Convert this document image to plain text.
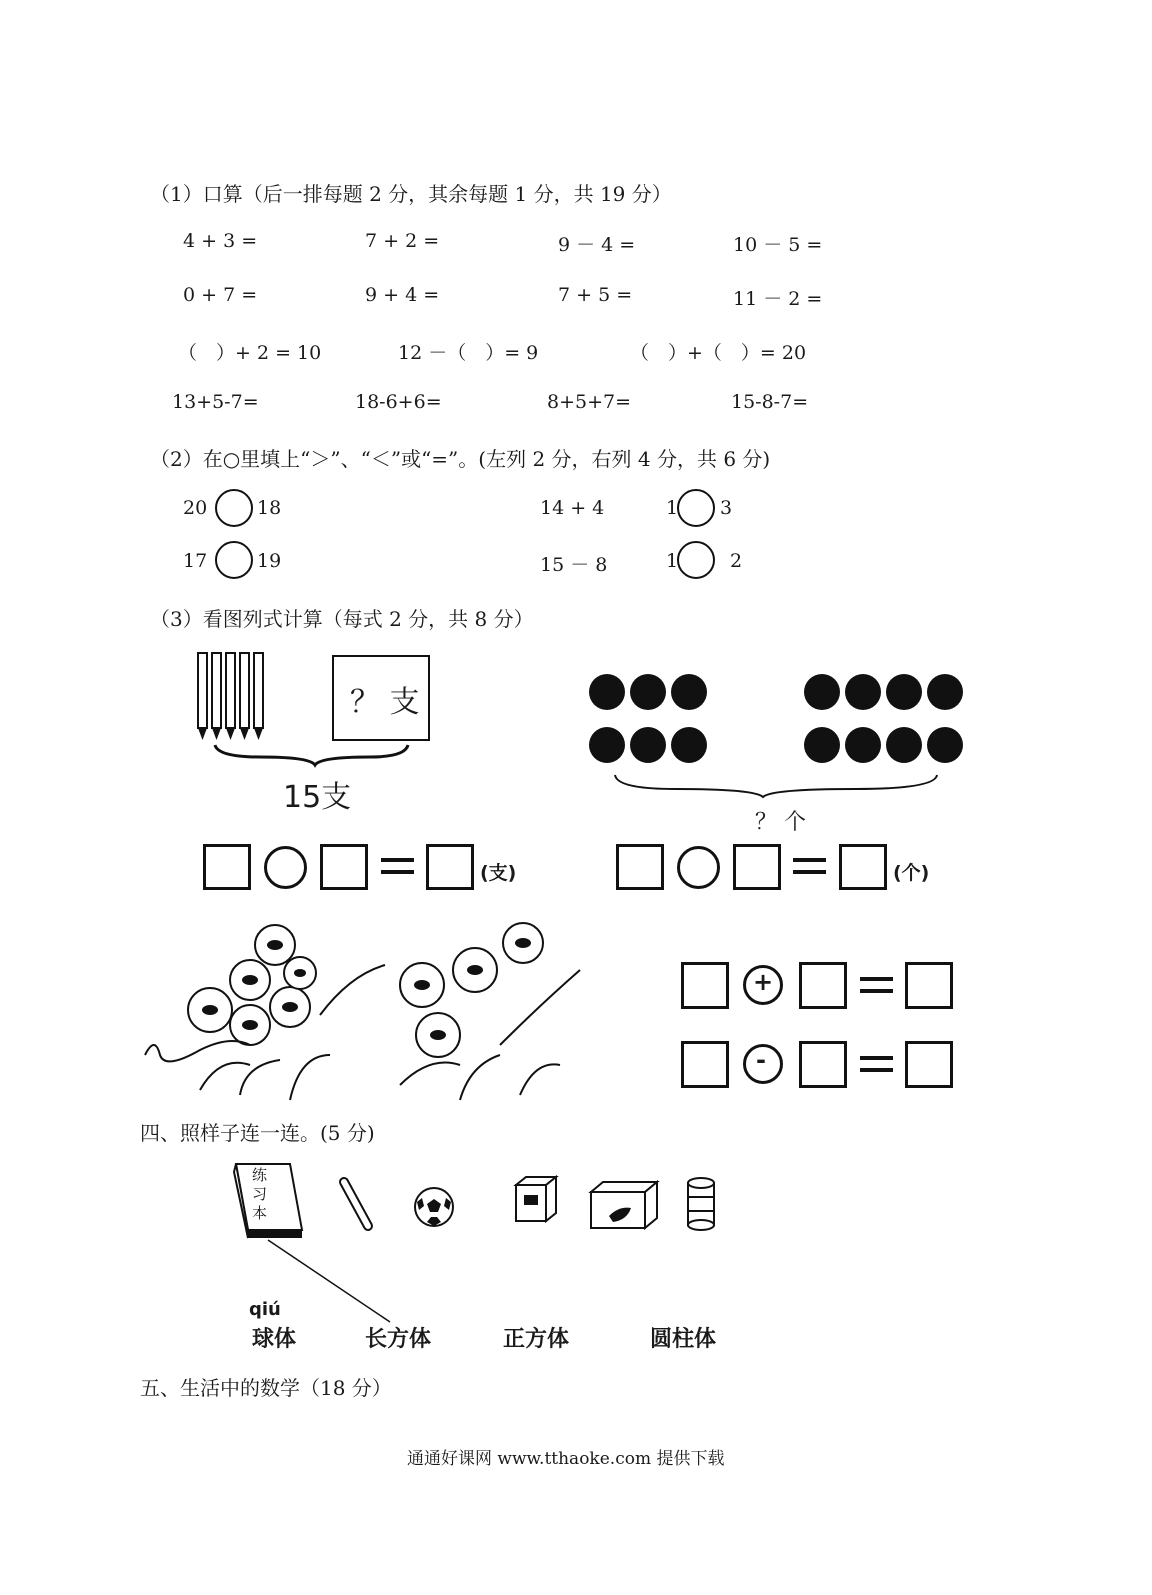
（1）口算（后一排每题 2 分，其余每题 1 分，共 19 分）
4 + 3 =	7 + 2 =	9 － 4 =	10 － 5 =
0 + 7 =	9 + 4 =	7 + 5 =	11 － 2 =
（　）+ 2 = 10	12 －（　）= 9	（　）+（　）= 20
13+5-7=	18-6+6=	8+5+7=	15-8-7=
（2）在○里填上“＞”、“＜”或“=”。(左列 2 分，右列 4 分，共 6 分)
20	18
17	19
14 + 4	1 3
15 － 8	1	2
（3）看图列式计算（每式 2 分，共 8 分）
？ 支
15支
(支)
？ 个
(个)
+
-
四、照样子连一连。(5 分)
练习本
qiú
球体	长方体	正方体	圆柱体
五、生活中的数学（18 分）
通通好课网 www.tthaoke.com 提供下载
